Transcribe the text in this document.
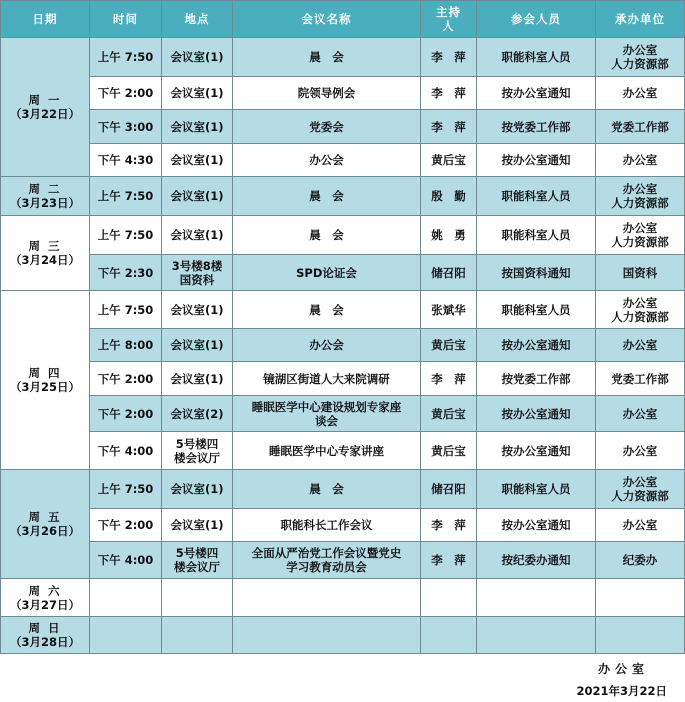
日期	时间	地点	会议名称	主持人	参会人员	承办单位

周 一
（3月22日）	上午 7:50	会议室(1)	晨　会	李　萍	职能科室人员	办公室
人力资源部

	下午 2:00	会议室(1)	院领导例会	李　萍	按办公室通知	办公室

	下午 3:00	会议室(1)	党委会	李　萍	按党委工作部	党委工作部

	下午 4:30	会议室(1)	办公会	黄后宝	按办公室通知	办公室

周 二
（3月23日）	上午 7:50	会议室(1)	晨　会	殷　勤	职能科室人员	办公室
人力资源部

周 三
（3月24日）	上午 7:50	会议室(1)	晨　会	姚　勇	职能科室人员	办公室
人力资源部

	下午 2:30	3号楼8楼
国资科	SPD论证会	储召阳	按国资科通知	国资科

周 四
（3月25日）	上午 7:50	会议室(1)	晨　会	张斌华	职能科室人员	办公室
人力资源部

	上午 8:00	会议室(1)	办公会	黄后宝	按办公室通知	办公室

	下午 2:00	会议室(1)	镜湖区街道人大来院调研	李　萍	按党委工作部	党委工作部

	下午 2:00	会议室(2)	睡眠医学中心建设规划专家座
谈会	黄后宝	按办公室通知	办公室

	下午 4:00	5号楼四
楼会议厅	睡眠医学中心专家讲座	黄后宝	按办公室通知	办公室

周 五
（3月26日）	上午 7:50	会议室(1)	晨　会	储召阳	职能科室人员	办公室
人力资源部

	下午 2:00	会议室(1)	职能科长工作会议	李　萍	按办公室通知	办公室

	下午 4:00	5号楼四
楼会议厅	全面从严治党工作会议暨党史
学习教育动员会	李　萍	按纪委办通知	纪委办

周 六
（3月27日）						

周 日
（3月28日）						

办公室
2021年3月22日
